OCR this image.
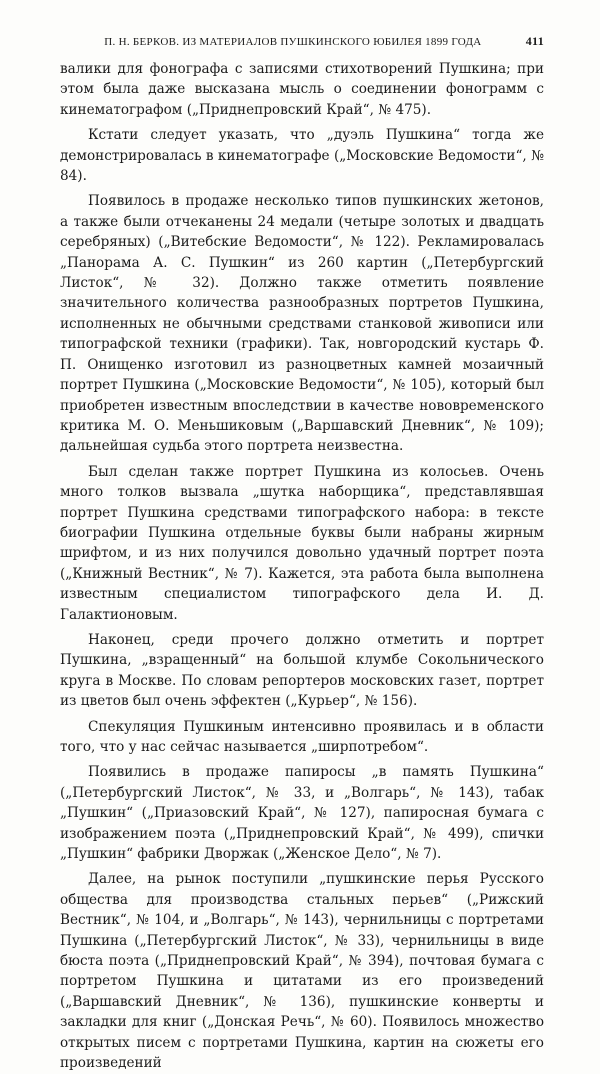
П. Н. БЕРКОВ. ИЗ МАТЕРИАЛОВ ПУШКИНСКОГО ЮБИЛЕЯ 1899 ГОДА	411

валики для фонографа с записями стихотворений Пушкина; при этом была даже высказана мысль о соединении фонограмм с кинематографом („Приднепровский Край“, № 475).

Кстати следует указать, что „дуэль Пушкина“ тогда же демонстрировалась в кинематографе („Московские Ведомости“, № 84).

Появилось в продаже несколько типов пушкинских жетонов, а также были отчеканены 24 медали (четыре золотых и двадцать серебряных) („Витебские Ведомости“, № 122). Рекламировалась „Панорама А. С. Пушкин“ из 260 картин („Петербургский Листок“, № 32). Должно также отметить появление значительного количества разнообразных портретов Пушкина, исполненных не обычными средствами станковой живописи или типографской техники (графики). Так, новгородский кустарь Ф. П. Онищенко изготовил из разноцветных камней мозаичный портрет Пушкина („Московские Ведомости“, № 105), который был приобретен известным впоследствии в качестве нововременского критика М. О. Меньшиковым („Варшавский Дневник“, № 109); дальнейшая судьба этого портрета неизвестна.

Был сделан также портрет Пушкина из колосьев. Очень много толков вызвала „шутка наборщика“, представлявшая портрет Пушкина средствами типографского набора: в тексте биографии Пушкина отдельные буквы были набраны жирным шрифтом, и из них получился довольно удачный портрет поэта („Книжный Вестник“, № 7). Кажется, эта работа была выполнена известным специалистом типографского дела И. Д. Галактионовым.

Наконец, среди прочего должно отметить и портрет Пушкина, „взращенный“ на большой клумбе Сокольнического круга в Москве. По словам репортеров московских газет, портрет из цветов был очень эффектен („Курьер“, № 156).

Спекуляция Пушкиным интенсивно проявилась и в области того, что у нас сейчас называется „ширпотребом“.

Появились в продаже папиросы „в память Пушкина“ („Петербургский Листок“, № 33, и „Волгарь“, № 143), табак „Пушкин“ („Приазовский Край“, № 127), папиросная бумага с изображением поэта („Приднепровский Край“, № 499), спички „Пушкин“ фабрики Дворжак („Женское Дело“, № 7).

Далее, на рынок поступили „пушкинские перья Русского общества для производства стальных перьев“ („Рижский Вестник“, № 104, и „Волгарь“, № 143), чернильницы с портретами Пушкина („Петербургский Листок“, № 33), чернильницы в виде бюста поэта („Приднепровский Край“, № 394), почтовая бумага с портретом Пушкина и цитатами из его произведений („Варшавский Дневник“, № 136), пушкинские конверты и закладки для книг („Донская Речь“, № 60). Появилось множество открытых писем с портретами Пушкина, картин на сюжеты его произведений
